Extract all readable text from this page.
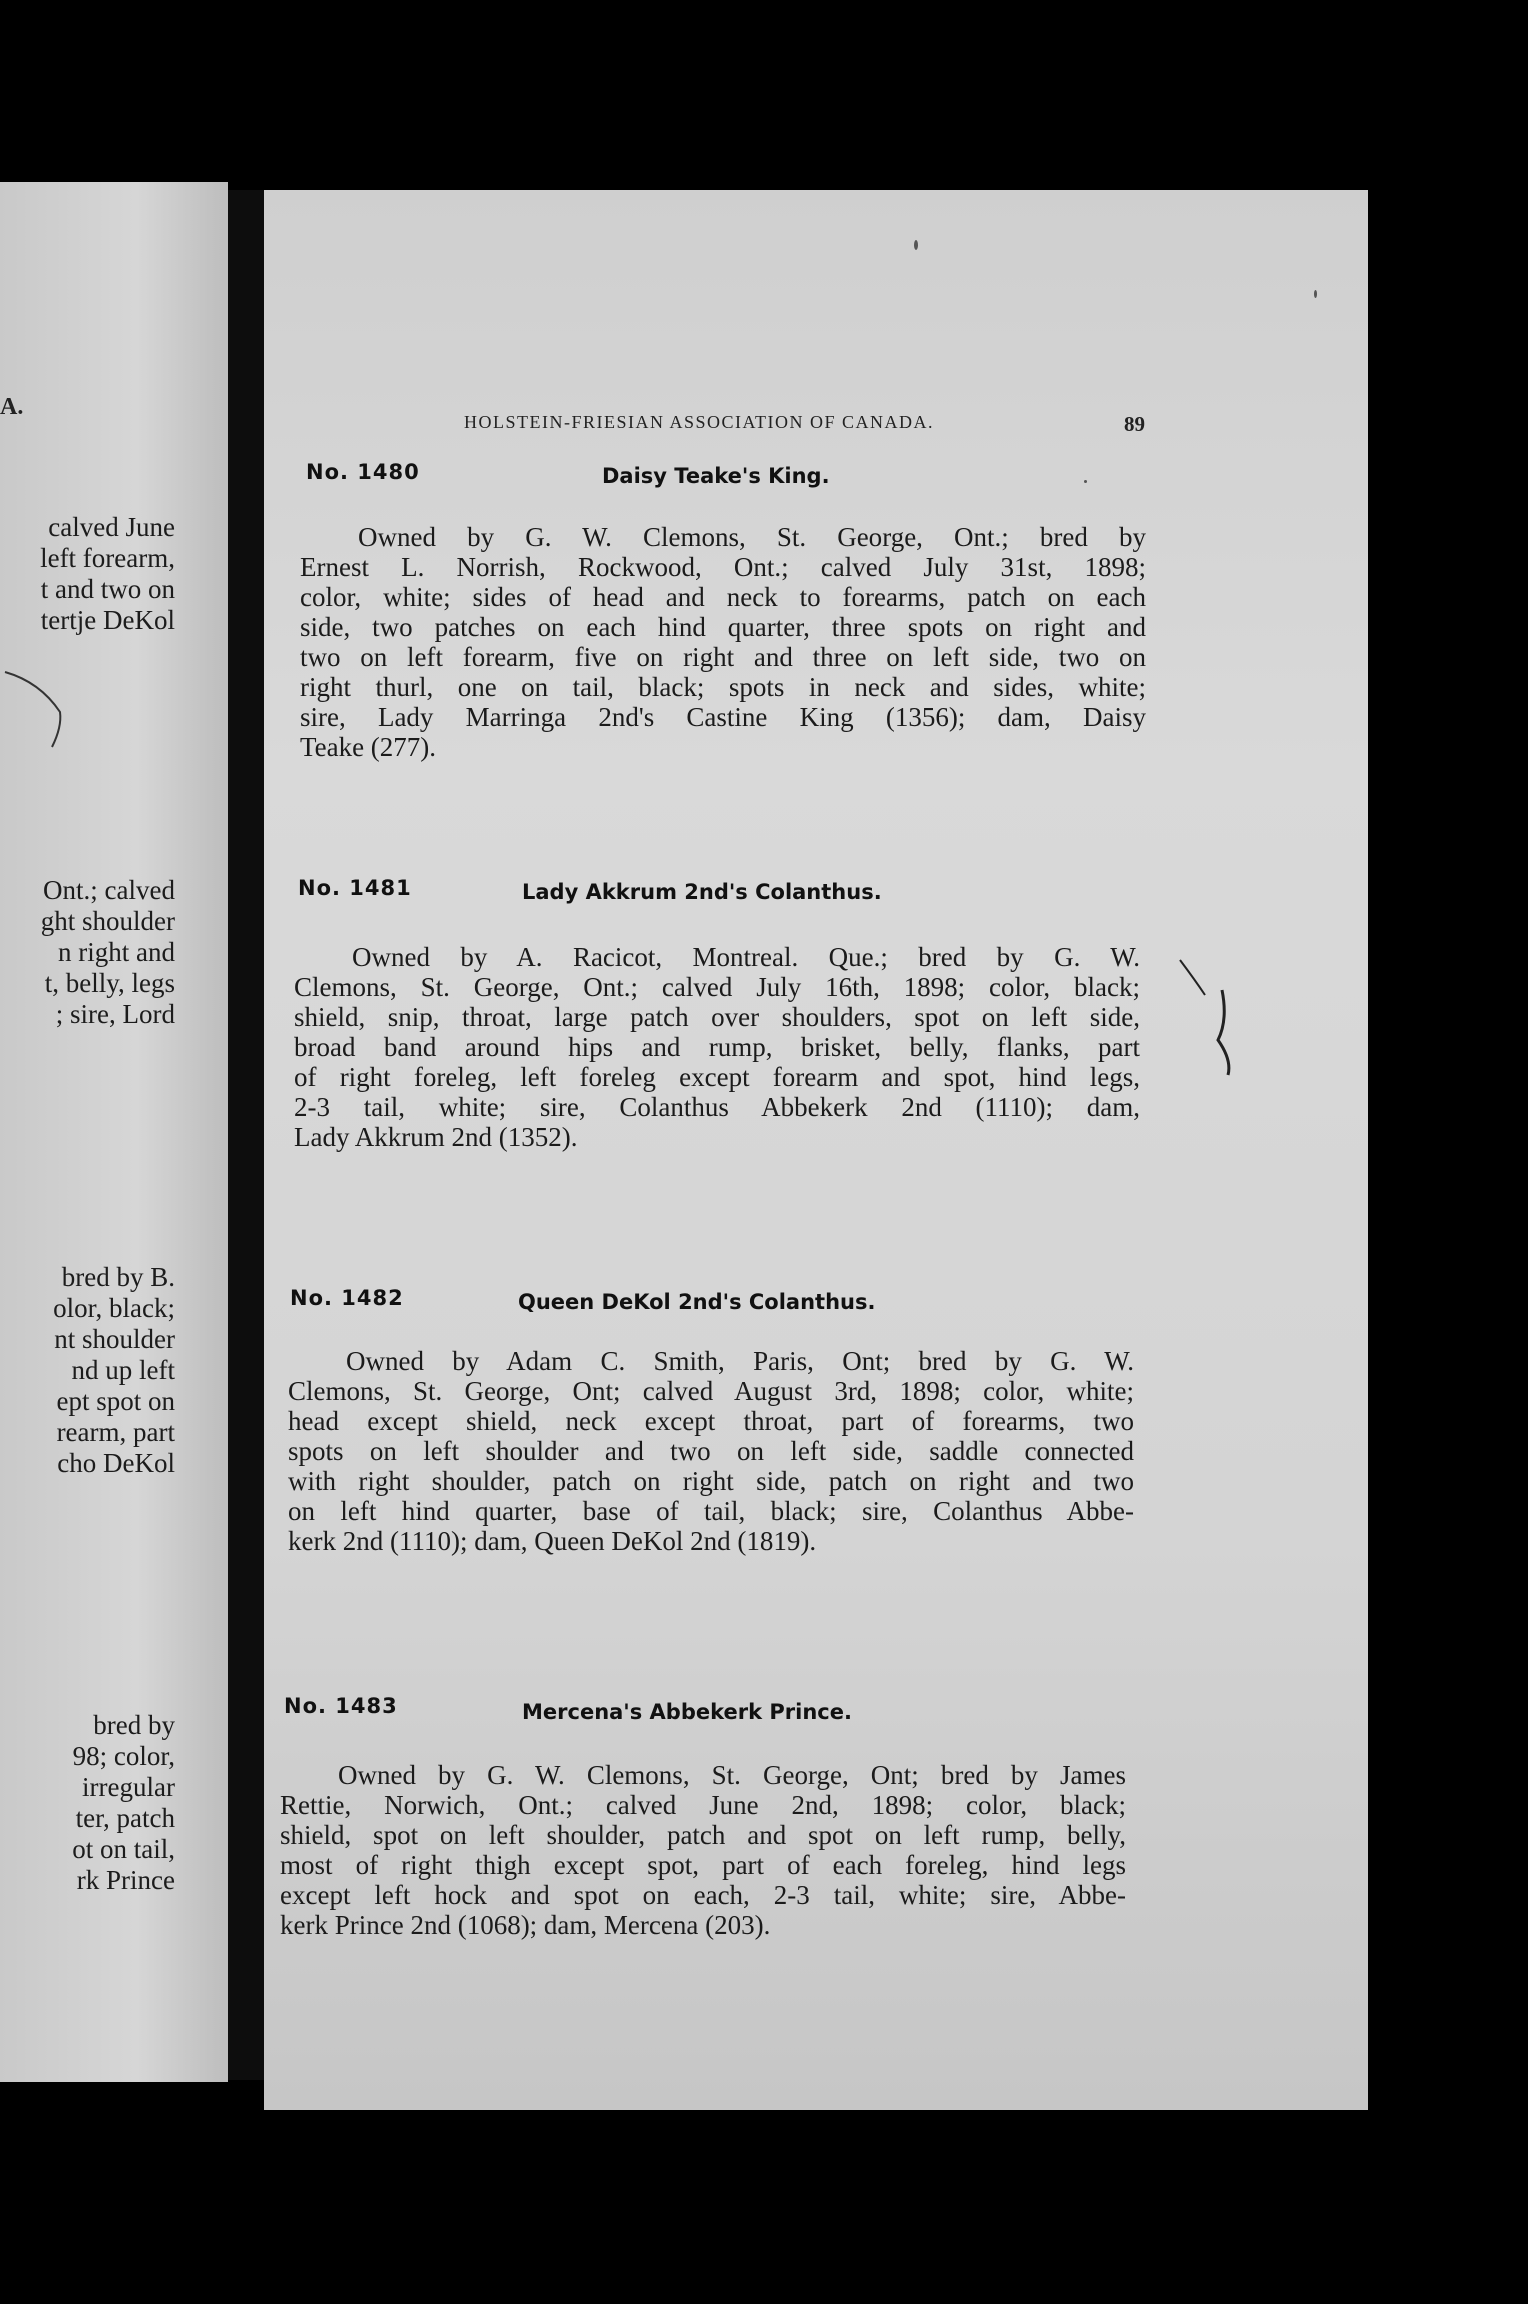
A.
calved June
left forearm,
t and two on
tertje DeKol
Ont.; calved
ght shoulder
n right and
t, belly, legs
; sire, Lord
bred by B.
olor, black;
nt shoulder
nd up left
ept spot on
rearm, part
cho DeKol
bred by
98; color,
irregular
ter, patch
ot on tail,
rk Prince
HOLSTEIN-FRIESIAN ASSOCIATION OF CANADA.	89
No. 1480	Daisy Teake's King.
Owned by G. W. Clemons, St. George, Ont.; bred by
Ernest L. Norrish, Rockwood, Ont.; calved July 31st, 1898;
color, white; sides of head and neck to forearms, patch on each
side, two patches on each hind quarter, three spots on right and
two on left forearm, five on right and three on left side, two on
right thurl, one on tail, black; spots in neck and sides, white;
sire, Lady Marringa 2nd's Castine King (1356); dam, Daisy
Teake (277).
No. 1481	Lady Akkrum 2nd's Colanthus.
Owned by A. Racicot, Montreal. Que.; bred by G. W.
Clemons, St. George, Ont.; calved July 16th, 1898; color, black;
shield, snip, throat, large patch over shoulders, spot on left side,
broad band around hips and rump, brisket, belly, flanks, part
of right foreleg, left foreleg except forearm and spot, hind legs,
2-3 tail, white; sire, Colanthus Abbekerk 2nd (1110); dam,
Lady Akkrum 2nd (1352).
No. 1482	Queen DeKol 2nd's Colanthus.
Owned by Adam C. Smith, Paris, Ont; bred by G. W.
Clemons, St. George, Ont; calved August 3rd, 1898; color, white;
head except shield, neck except throat, part of forearms, two
spots on left shoulder and two on left side, saddle connected
with right shoulder, patch on right side, patch on right and two
on left hind quarter, base of tail, black; sire, Colanthus Abbe-
kerk 2nd (1110); dam, Queen DeKol 2nd (1819).
No. 1483	Mercena's Abbekerk Prince.
Owned by G. W. Clemons, St. George, Ont; bred by James
Rettie, Norwich, Ont.; calved June 2nd, 1898; color, black;
shield, spot on left shoulder, patch and spot on left rump, belly,
most of right thigh except spot, part of each foreleg, hind legs
except left hock and spot on each, 2-3 tail, white; sire, Abbe-
kerk Prince 2nd (1068); dam, Mercena (203).
